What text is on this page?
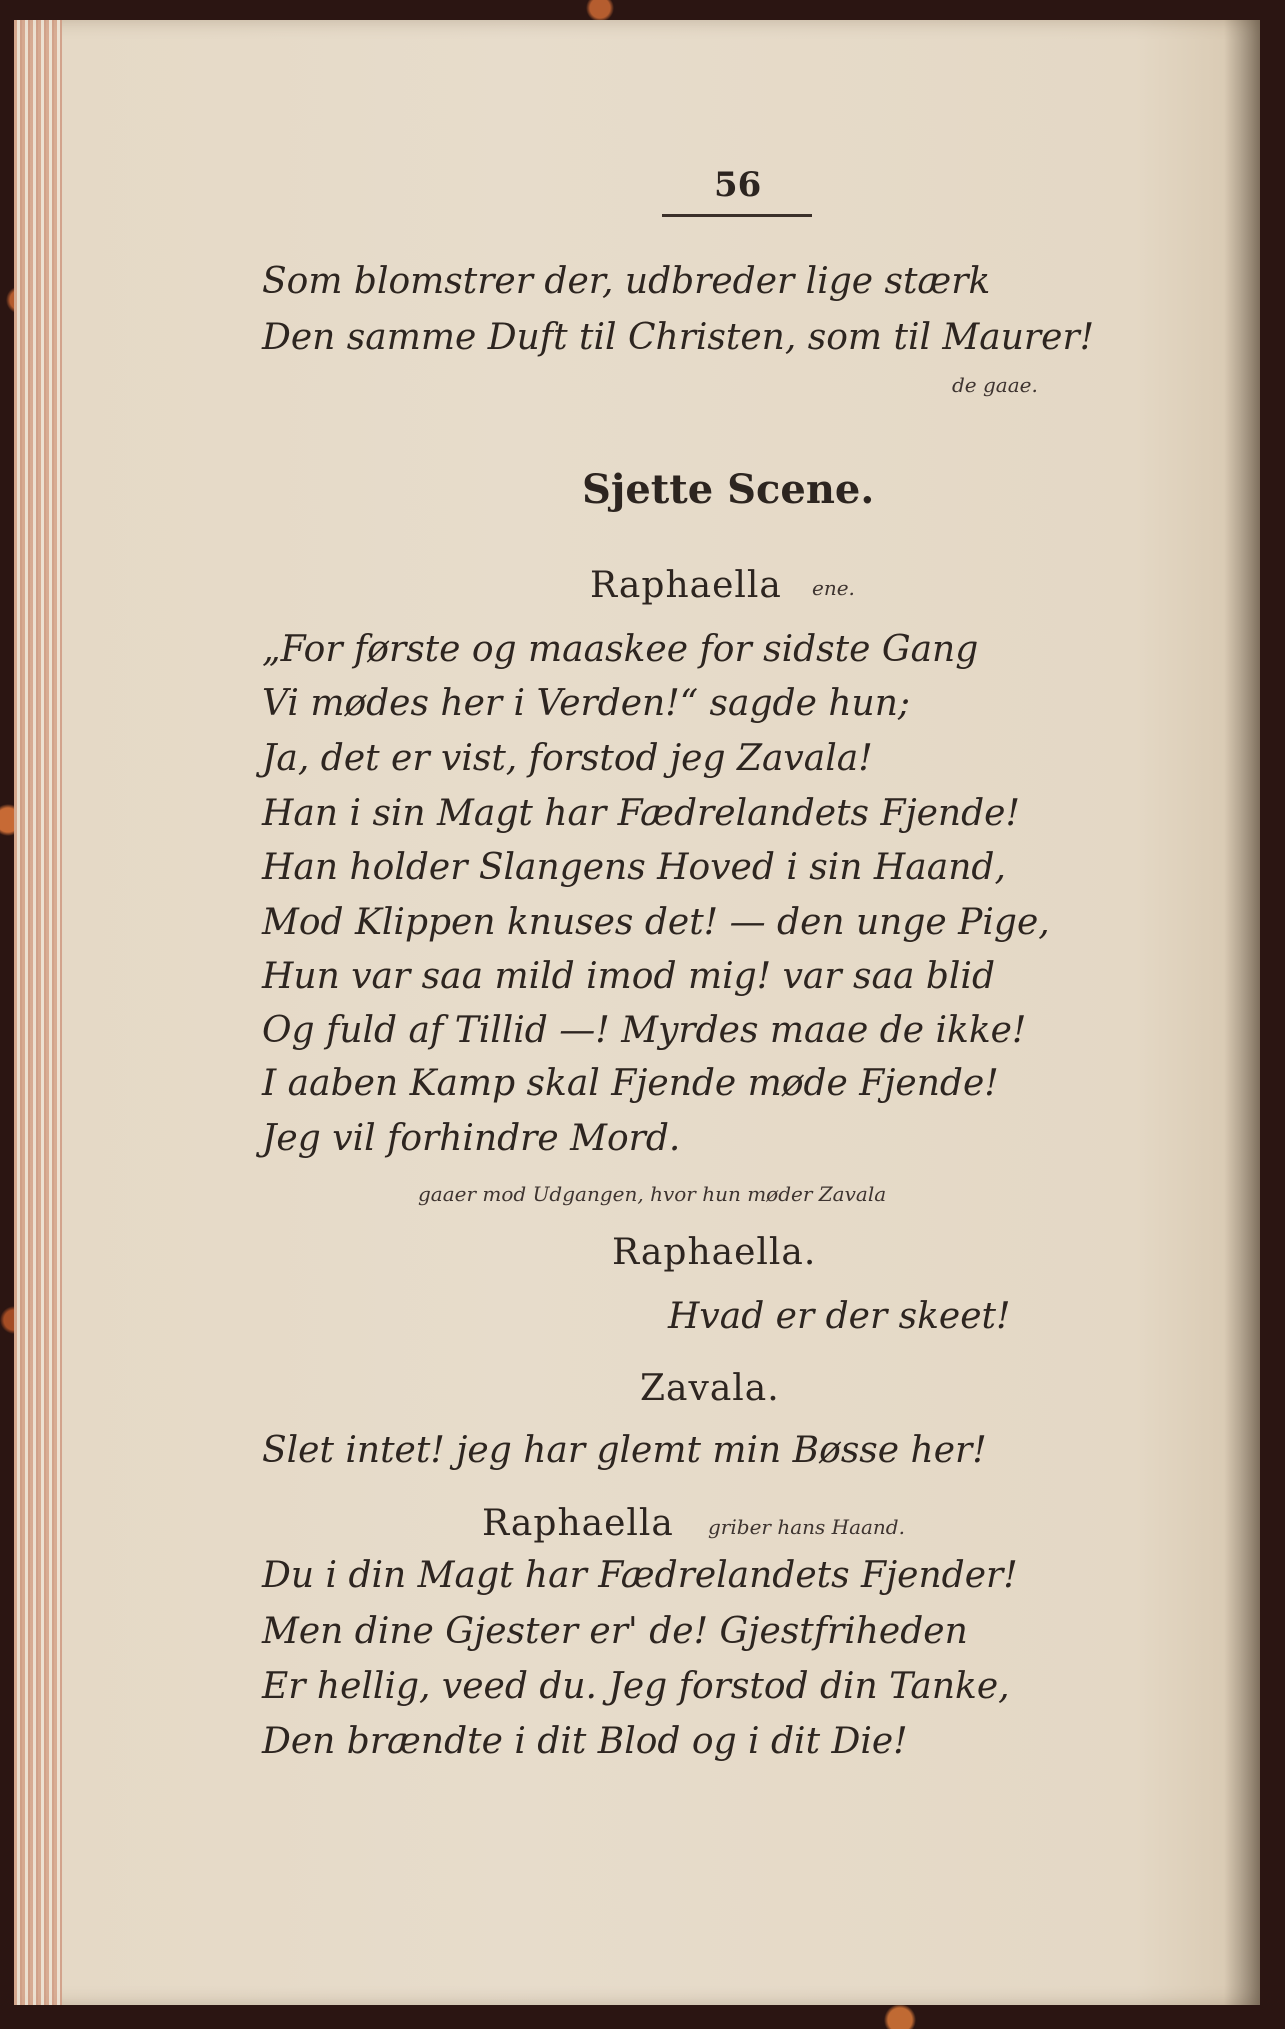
56
Som blomstrer der, udbreder lige stærk
Den samme Duft til Christen, som til Maurer!
de gaae.
Sjette Scene.
Raphaella ene.
„For første og maaskee for sidste Gang
Vi mødes her i Verden!“ sagde hun;
Ja, det er vist, forstod jeg Zavala!
Han i sin Magt har Fædrelandets Fjende!
Han holder Slangens Hoved i sin Haand,
Mod Klippen knuses det! — den unge Pige,
Hun var saa mild imod mig! var saa blid
Og fuld af Tillid —! Myrdes maae de ikke!
I aaben Kamp skal Fjende møde Fjende!
Jeg vil forhindre Mord.
gaaer mod Udgangen, hvor hun møder Zavala
Raphaella.
Hvad er der skeet!
Zavala.
Slet intet! jeg har glemt min Bøsse her!
Raphaella griber hans Haand.
Du i din Magt har Fædrelandets Fjender!
Men dine Gjester er' de! Gjestfriheden
Er hellig, veed du. Jeg forstod din Tanke,
Den brændte i dit Blod og i dit Die!
